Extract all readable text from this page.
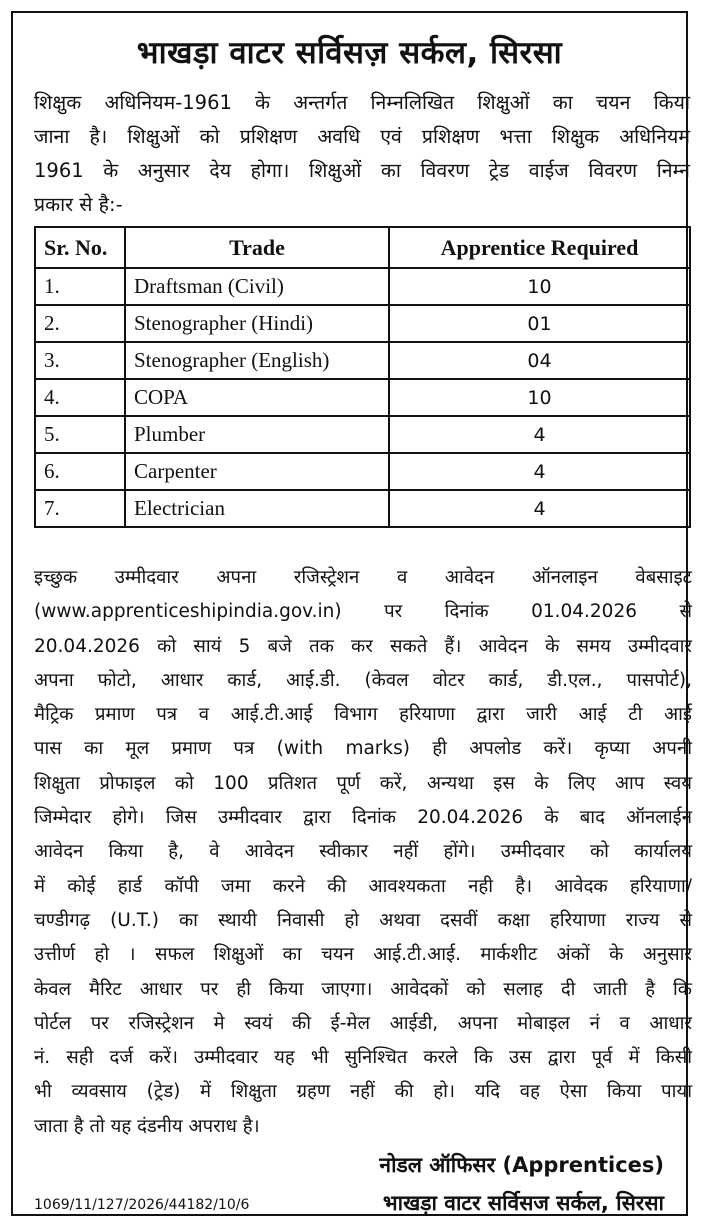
भाखड़ा वाटर सर्विसज़ सर्कल, सिरसा
शिक्षुक अधिनियम-1961 के अन्तर्गत निम्नलिखित शिक्षुओं का चयन किया
जाना है। शिक्षुओं को प्रशिक्षण अवधि एवं प्रशिक्षण भत्ता शिक्षुक अधिनियम
1961 के अनुसार देय होगा। शिक्षुओं का विवरण ट्रेड वाईज विवरण निम्न
प्रकार से है:-
Sr. No.	Trade	Apprentice Required
1.	Draftsman (Civil)	10
2.	Stenographer (Hindi)	01
3.	Stenographer (English)	04
4.	COPA	10
5.	Plumber	4
6.	Carpenter	4
7.	Electrician	4
इच्छुक उम्मीदवार अपना रजिस्ट्रेशन व आवेदन ऑनलाइन वेबसाइट
(www.apprenticeshipindia.gov.in) पर दिनांक 01.04.2026 से
20.04.2026 को सायं 5 बजे तक कर सकते हैं। आवेदन के समय उम्मीदवार
अपना फोटो, आधार कार्ड, आई.डी. (केवल वोटर कार्ड, डी.एल., पासपोर्ट),
मैट्रिक प्रमाण पत्र व आई.टी.आई विभाग हरियाणा द्वारा जारी आई टी आई
पास का मूल प्रमाण पत्र (with marks) ही अपलोड करें। कृप्या अपनी
शिक्षुता प्रोफाइल को 100 प्रतिशत पूर्ण करें, अन्यथा इस के लिए आप स्वय
जिम्मेदार होगे। जिस उम्मीदवार द्वारा दिनांक 20.04.2026 के बाद ऑनलाईन
आवेदन किया है, वे आवेदन स्वीकार नहीं होंगे। उम्मीदवार को कार्यालय
में कोई हार्ड कॉपी जमा करने की आवश्यकता नही है। आवेदक हरियाणा/
चण्डीगढ़ (U.T.) का स्थायी निवासी हो अथवा दसवीं कक्षा हरियाणा राज्य से
उत्तीर्ण हो । सफल शिक्षुओं का चयन आई.टी.आई. मार्कशीट अंकों के अनुसार
केवल मैरिट आधार पर ही किया जाएगा। आवेदकों को सलाह दी जाती है कि
पोर्टल पर रजिस्ट्रेशन मे स्वयं की ई-मेल आईडी, अपना मोबाइल नं व आधार
नं. सही दर्ज करें। उम्मीदवार यह भी सुनिश्चित करले कि उस द्वारा पूर्व में किसी
भी व्यवसाय (ट्रेड) में शिक्षुता ग्रहण नहीं की हो। यदि वह ऐसा किया पाया
जाता है तो यह दंडनीय अपराध है।
नोडल ऑफिसर (Apprentices)
1069/11/127/2026/44182/10/6	भाखड़ा वाटर सर्विसज सर्कल, सिरसा
